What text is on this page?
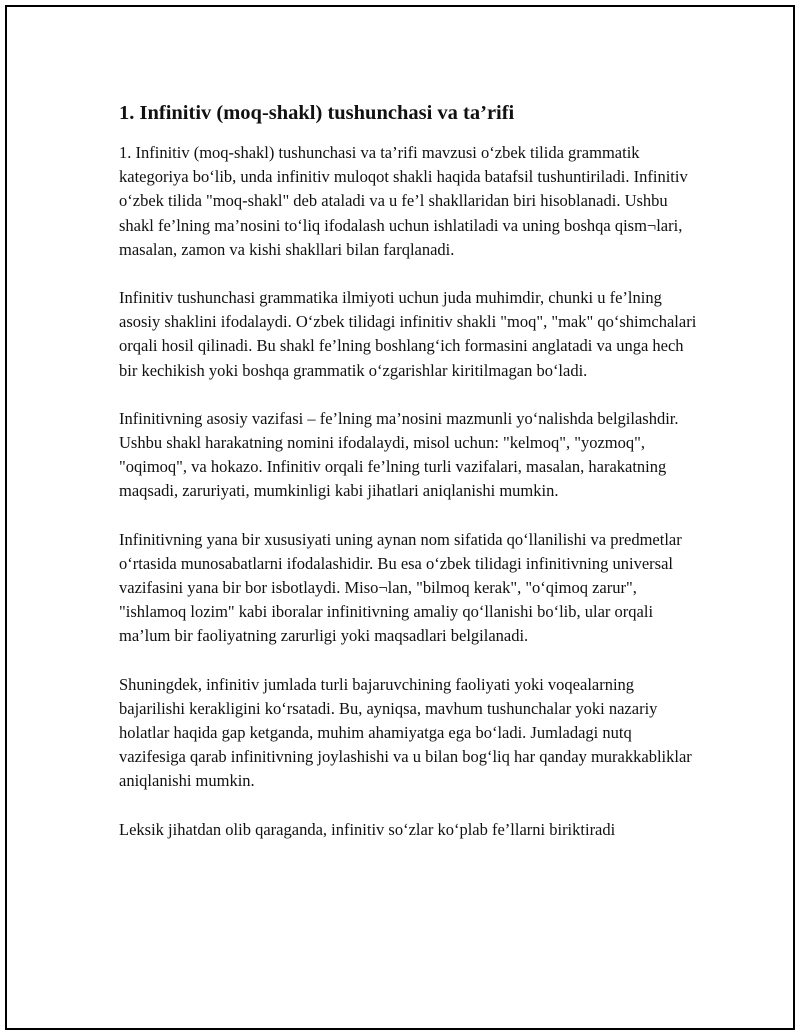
1. Infinitiv (moq-shakl) tushunchasi va ta’rifi

1. Infinitiv (moq-shakl) tushunchasi va ta’rifi mavzusi o‘zbek tilida grammatik kategoriya bo‘lib, unda infinitiv muloqot shakli haqida batafsil tushuntiriladi. Infinitiv o‘zbek tilida "moq-shakl" deb ataladi va u fe’l shakllaridan biri hisoblanadi. Ushbu shakl fe’lning ma’nosini to‘liq ifodalash uchun ishlatiladi va uning boshqa qism¬lari, masalan, zamon va kishi shakllari bilan farqlanadi.

Infinitiv tushunchasi grammatika ilmiyoti uchun juda muhimdir, chunki u fe’lning asosiy shaklini ifodalaydi. O‘zbek tilidagi infinitiv shakli "moq", "mak" qo‘shimchalari orqali hosil qilinadi. Bu shakl fe’lning boshlang‘ich formasini anglatadi va unga hech bir kechikish yoki boshqa grammatik o‘zgarishlar kiritilmagan bo‘ladi.

Infinitivning asosiy vazifasi – fe’lning ma’nosini mazmunli yo‘nalishda belgilashdir. Ushbu shakl harakatning nomini ifodalaydi, misol uchun: "kelmoq", "yozmoq", "oqimoq", va hokazo. Infinitiv orqali fe’lning turli vazifalari, masalan, harakatning maqsadi, zaruriyati, mumkinligi kabi jihatlari aniqlanishi mumkin.

Infinitivning yana bir xususiyati uning aynan nom sifatida qo‘llanilishi va predmetlar o‘rtasida munosabatlarni ifodalashidir. Bu esa o‘zbek tilidagi infinitivning universal vazifasini yana bir bor isbotlaydi. Miso¬lan, "bilmoq kerak", "o‘qimoq zarur", "ishlamoq lozim" kabi iboralar infinitivning amaliy qo‘llanishi bo‘lib, ular orqali ma’lum bir faoliyatning zarurligi yoki maqsadlari belgilanadi.

Shuningdek, infinitiv jumlada turli bajaruvchining faoliyati yoki voqealarning bajarilishi kerakligini ko‘rsatadi. Bu, ayniqsa, mavhum tushunchalar yoki nazariy holatlar haqida gap ketganda, muhim ahamiyatga ega bo‘ladi. Jumladagi nutq vazifesiga qarab infinitivning joylashishi va u bilan bog‘liq har qanday murakkabliklar aniqlanishi mumkin.

Leksik jihatdan olib qaraganda, infinitiv so‘zlar ko‘plab fe’llarni biriktiradi
